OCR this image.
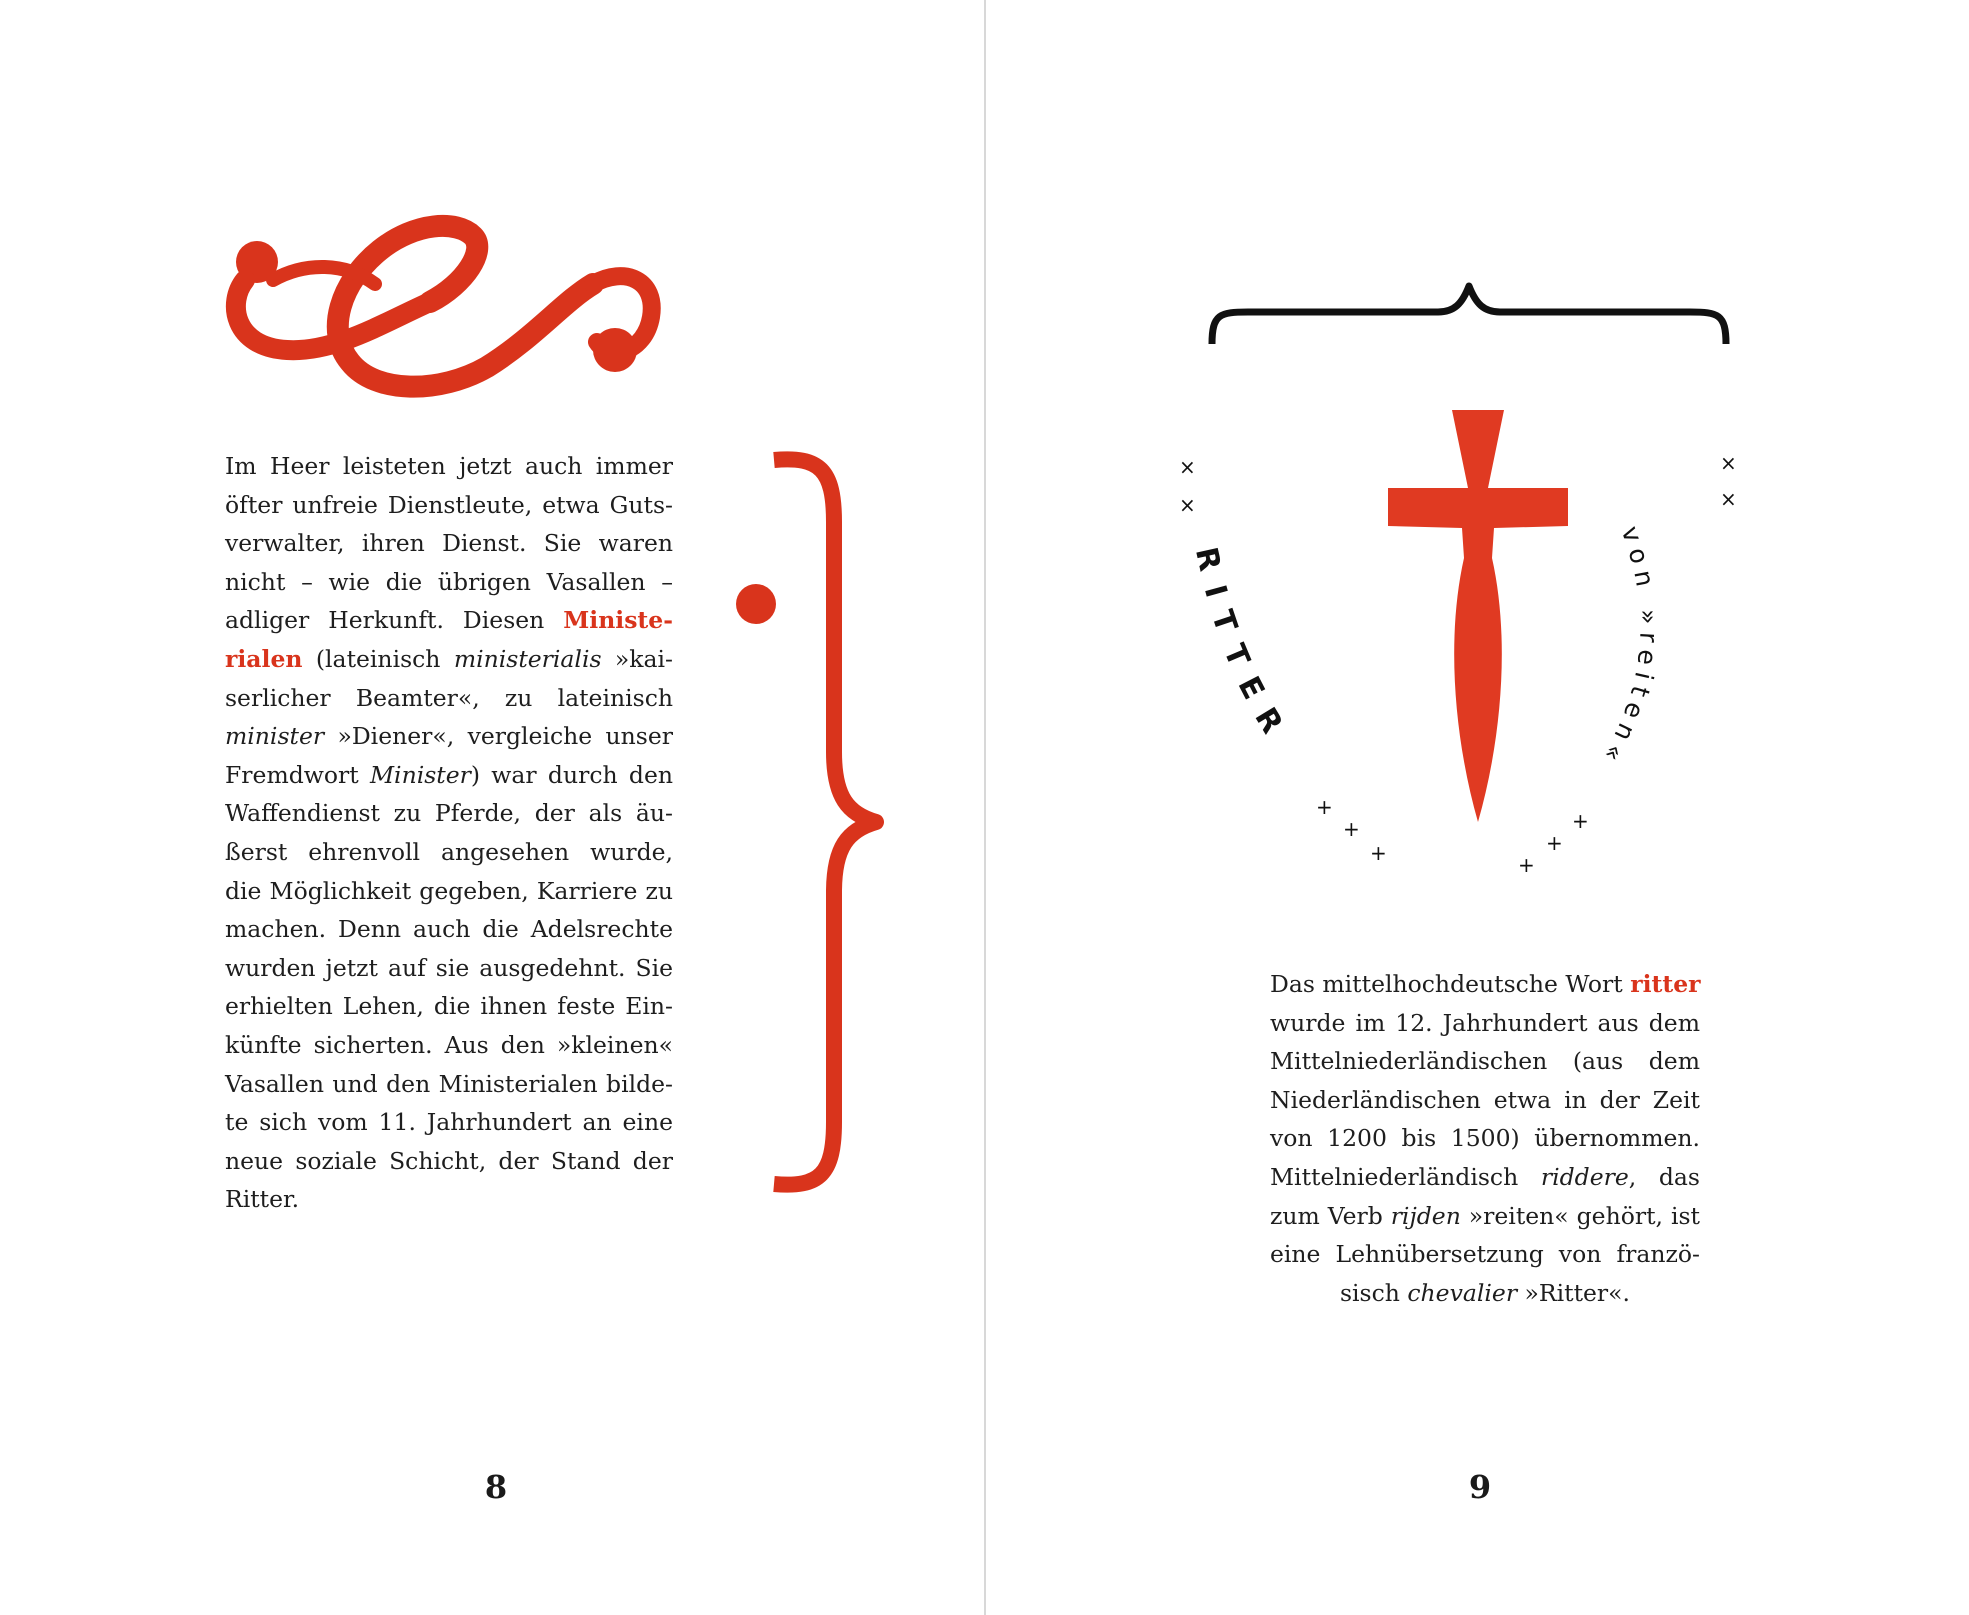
Im Heer leisteten jetzt auch immer
öfter unfreie Dienstleute, etwa Guts-
verwalter, ihren Dienst. Sie waren
nicht – wie die übrigen Vasallen –
adliger Herkunft. Diesen Ministe-
rialen (lateinisch ministerialis »kai-
serlicher Beamter«, zu lateinisch
minister »Diener«, vergleiche unser
Fremdwort Minister) war durch den
Waffendienst zu Pferde, der als äu-
ßerst ehrenvoll angesehen wurde,
die Möglichkeit gegeben, Karriere zu
machen. Denn auch die Adelsrechte
wurden jetzt auf sie ausgedehnt. Sie
erhielten Lehen, die ihnen feste Ein-
künfte sicherten. Aus den »kleinen«
Vasallen und den Ministerialen bilde-
te sich vom 11. Jahrhundert an eine
neue soziale Schicht, der Stand der
Ritter.
8
×
×
RITTER
+
+
+
×
×
von »reiten«
+
+
+
Das mittelhochdeutsche Wort ritter
wurde im 12. Jahrhundert aus dem
Mittelniederländischen (aus dem
Niederländischen etwa in der Zeit
von 1200 bis 1500) übernommen.
Mittelniederländisch riddere, das
zum Verb rijden »reiten« gehört, ist
eine Lehnübersetzung von franzö-
sisch chevalier »Ritter«.
9
